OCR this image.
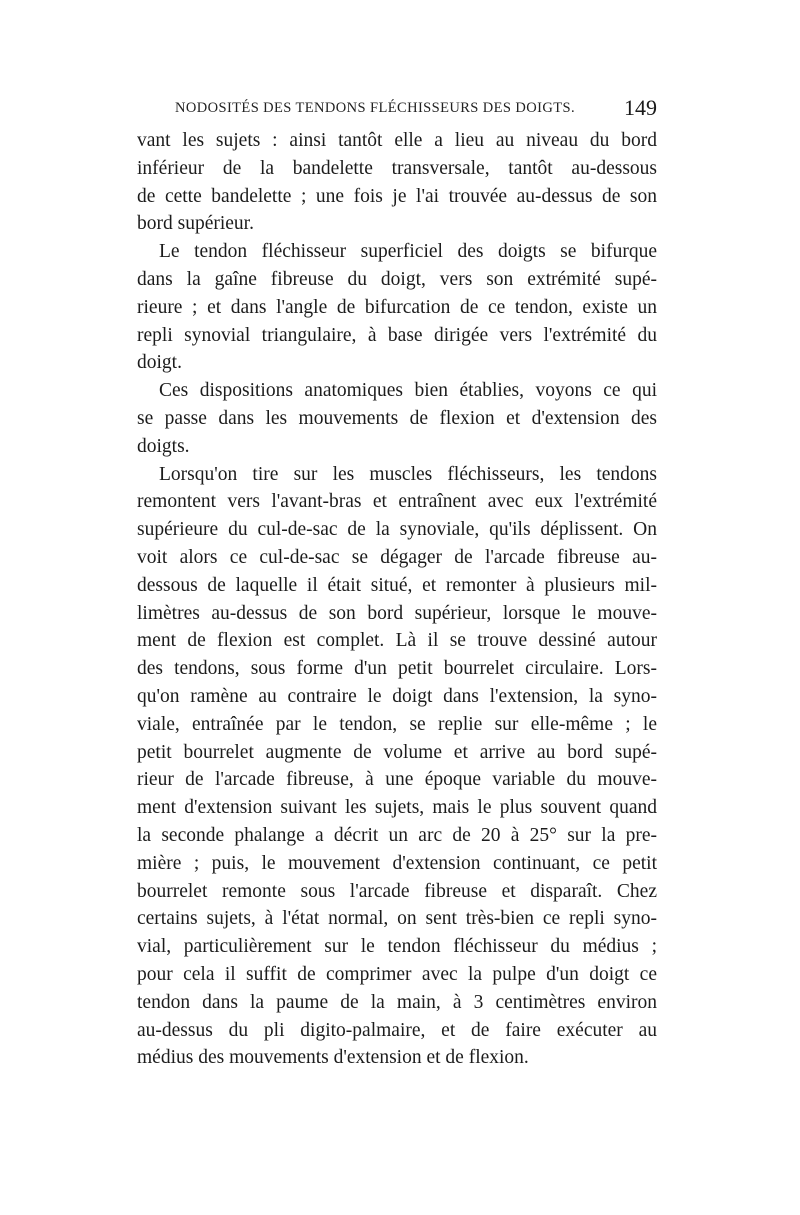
NODOSITÉS DES TENDONS FLÉCHISSEURS DES DOIGTS. 149
vant les sujets : ainsi tantôt elle a lieu au niveau du bord
inférieur de la bandelette transversale, tantôt au-dessous
de cette bandelette ; une fois je l'ai trouvée au-dessus de son
bord supérieur.
Le tendon fléchisseur superficiel des doigts se bifurque
dans la gaîne fibreuse du doigt, vers son extrémité supé-
rieure ; et dans l'angle de bifurcation de ce tendon, existe un
repli synovial triangulaire, à base dirigée vers l'extrémité du
doigt.
Ces dispositions anatomiques bien établies, voyons ce qui
se passe dans les mouvements de flexion et d'extension des
doigts.
Lorsqu'on tire sur les muscles fléchisseurs, les tendons
remontent vers l'avant-bras et entraînent avec eux l'extrémité
supérieure du cul-de-sac de la synoviale, qu'ils déplissent. On
voit alors ce cul-de-sac se dégager de l'arcade fibreuse au-
dessous de laquelle il était situé, et remonter à plusieurs mil-
limètres au-dessus de son bord supérieur, lorsque le mouve-
ment de flexion est complet. Là il se trouve dessiné autour
des tendons, sous forme d'un petit bourrelet circulaire. Lors-
qu'on ramène au contraire le doigt dans l'extension, la syno-
viale, entraînée par le tendon, se replie sur elle-même ; le
petit bourrelet augmente de volume et arrive au bord supé-
rieur de l'arcade fibreuse, à une époque variable du mouve-
ment d'extension suivant les sujets, mais le plus souvent quand
la seconde phalange a décrit un arc de 20 à 25° sur la pre-
mière ; puis, le mouvement d'extension continuant, ce petit
bourrelet remonte sous l'arcade fibreuse et disparaît. Chez
certains sujets, à l'état normal, on sent très-bien ce repli syno-
vial, particulièrement sur le tendon fléchisseur du médius ;
pour cela il suffit de comprimer avec la pulpe d'un doigt ce
tendon dans la paume de la main, à 3 centimètres environ
au-dessus du pli digito-palmaire, et de faire exécuter au
médius des mouvements d'extension et de flexion.
